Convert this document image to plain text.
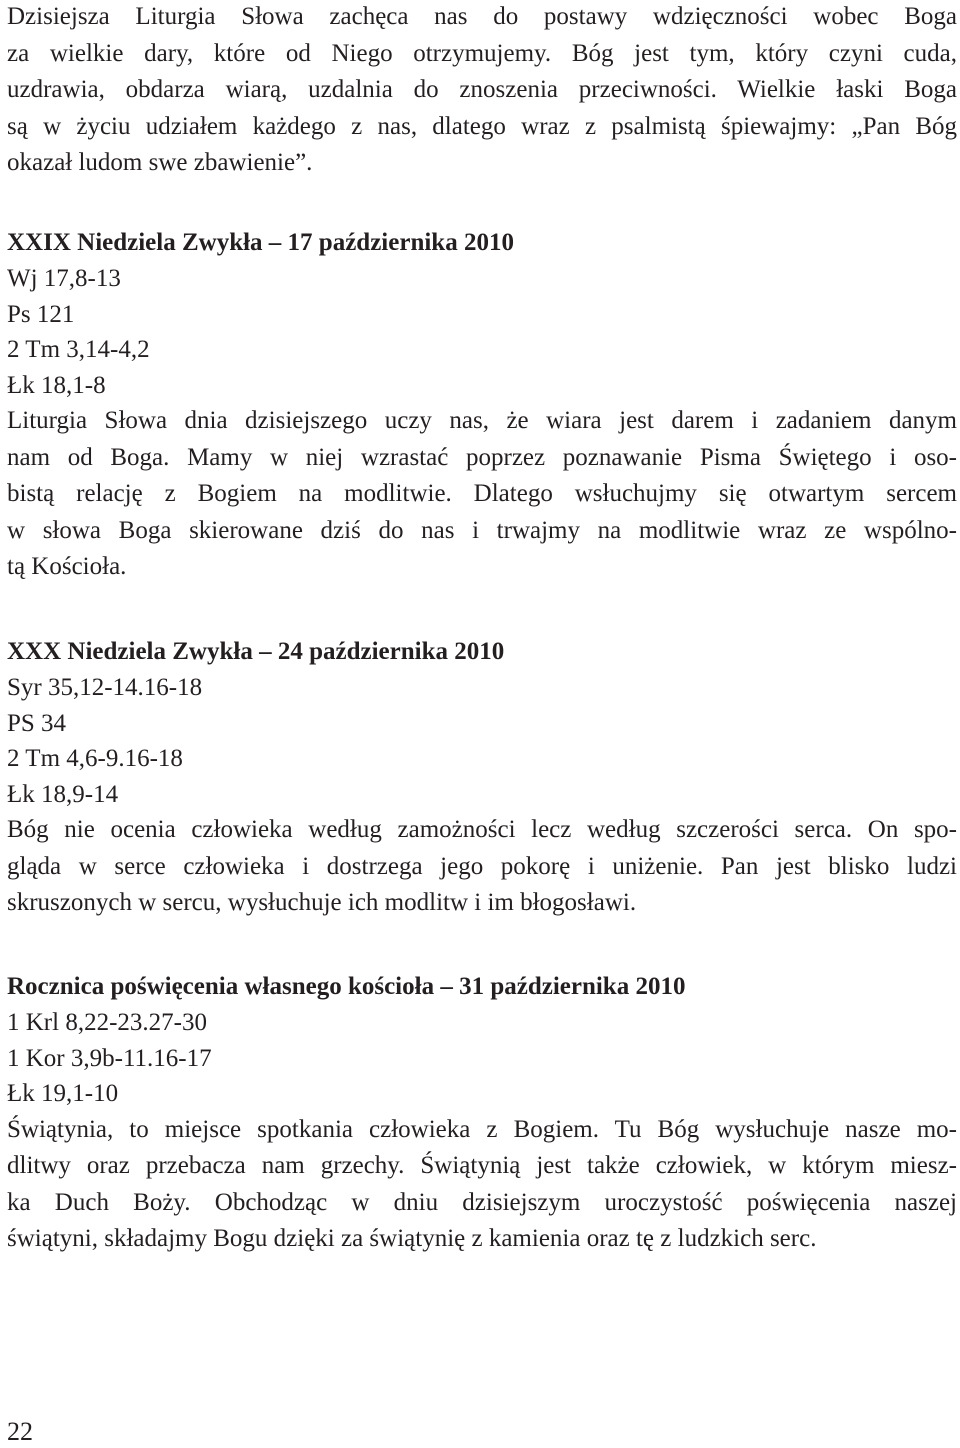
Dzisiejsza Liturgia Słowa zachęca nas do postawy wdzięczności wobec Boga
za wielkie dary, które od Niego otrzymujemy. Bóg jest tym, który czyni cuda,
uzdrawia, obdarza wiarą, uzdalnia do znoszenia przeciwności. Wielkie łaski Boga
są w życiu udziałem każdego z nas, dlatego wraz z psalmistą śpiewajmy: „Pan Bóg
okazał ludom swe zbawienie”.

XXIX Niedziela Zwykła – 17 października 2010

Wj 17,8-13

Ps 121

2 Tm 3,14-4,2

Łk 18,1-8

Liturgia Słowa dnia dzisiejszego uczy nas, że wiara jest darem i zadaniem danym
nam od Boga. Mamy w niej wzrastać poprzez poznawanie Pisma Świętego i oso-
bistą relację z Bogiem na modlitwie. Dlatego wsłuchujmy się otwartym sercem
w słowa Boga skierowane dziś do nas i trwajmy na modlitwie wraz ze wspólno-
tą Kościoła.

XXX Niedziela Zwykła – 24 października 2010

Syr 35,12-14.16-18

PS 34

2 Tm 4,6-9.16-18

Łk 18,9-14

Bóg nie ocenia człowieka według zamożności lecz według szczerości serca. On spo-
gląda w serce człowieka i dostrzega jego pokorę i uniżenie. Pan jest blisko ludzi
skruszonych w sercu, wysłuchuje ich modlitw i im błogosławi.

Rocznica poświęcenia własnego kościoła – 31 października 2010

1 Krl 8,22-23.27-30

1 Kor 3,9b-11.16-17

Łk 19,1-10

Świątynia, to miejsce spotkania człowieka z Bogiem. Tu Bóg wysłuchuje nasze mo-
dlitwy oraz przebacza nam grzechy. Świątynią jest także człowiek, w którym miesz-
ka Duch Boży. Obchodząc w dniu dzisiejszym uroczystość poświęcenia naszej
świątyni, składajmy Bogu dzięki za świątynię z kamienia oraz tę z ludzkich serc.

22
